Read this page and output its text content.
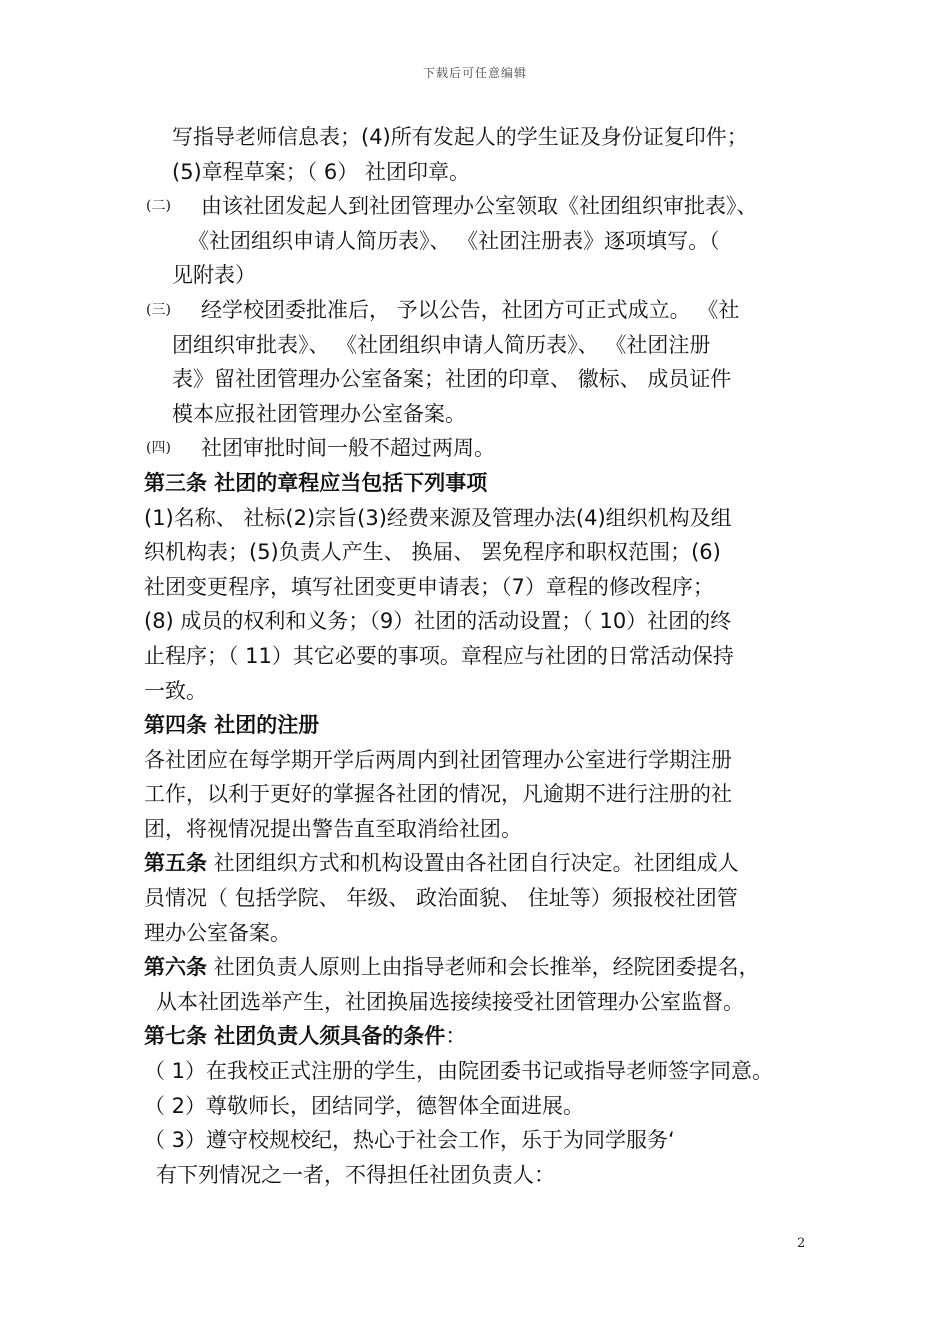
下载后可任意编辑

写指导老师信息表；(4)所有发起人的学生证及身份证复印件；

(5)章程草案；（ 6） 社团印章。

(二) 由该社团发起人到社团管理办公室领取《社团组织审批表》、

《社团组织申请人简历表》、 《社团注册表》逐项填写。（

见附表）

(三) 经学校团委批准后， 予以公告，社团方可正式成立。 《社

团组织审批表》、 《社团组织申请人简历表》、 《社团注册

表》留社团管理办公室备案；社团的印章、 徽标、 成员证件

模本应报社团管理办公室备案。

(四) 社团审批时间一般不超过两周。

第三条 社团的章程应当包括下列事项

(1)名称、 社标(2)宗旨(3)经费来源及管理办法(4)组织机构及组

织机构表；(5)负责人产生、 换届、 罢免程序和职权范围；(6)

社团变更程序，填写社团变更申请表；（7）章程的修改程序；

(8) 成员的权利和义务；（9）社团的活动设置；（ 10）社团的终

止程序；（ 11）其它必要的事项。章程应与社团的日常活动保持

一致。

第四条 社团的注册

各社团应在每学期开学后两周内到社团管理办公室进行学期注册

工作，以利于更好的掌握各社团的情况，凡逾期不进行注册的社

团，将视情况提出警告直至取消给社团。

第五条 社团组织方式和机构设置由各社团自行决定。社团组成人

员情况（ 包括学院、 年级、 政治面貌、 住址等）须报校社团管

理办公室备案。

第六条 社团负责人原则上由指导老师和会长推举，经院团委提名，

从本社团选举产生，社团换届选接续接受社团管理办公室监督。

第七条 社团负责人须具备的条件：

（ 1）在我校正式注册的学生，由院团委书记或指导老师签字同意。

（ 2）尊敬师长，团结同学，德智体全面进展。

（ 3）遵守校规校纪，热心于社会工作，乐于为同学服务‘

有下列情况之一者，不得担任社团负责人：

2
